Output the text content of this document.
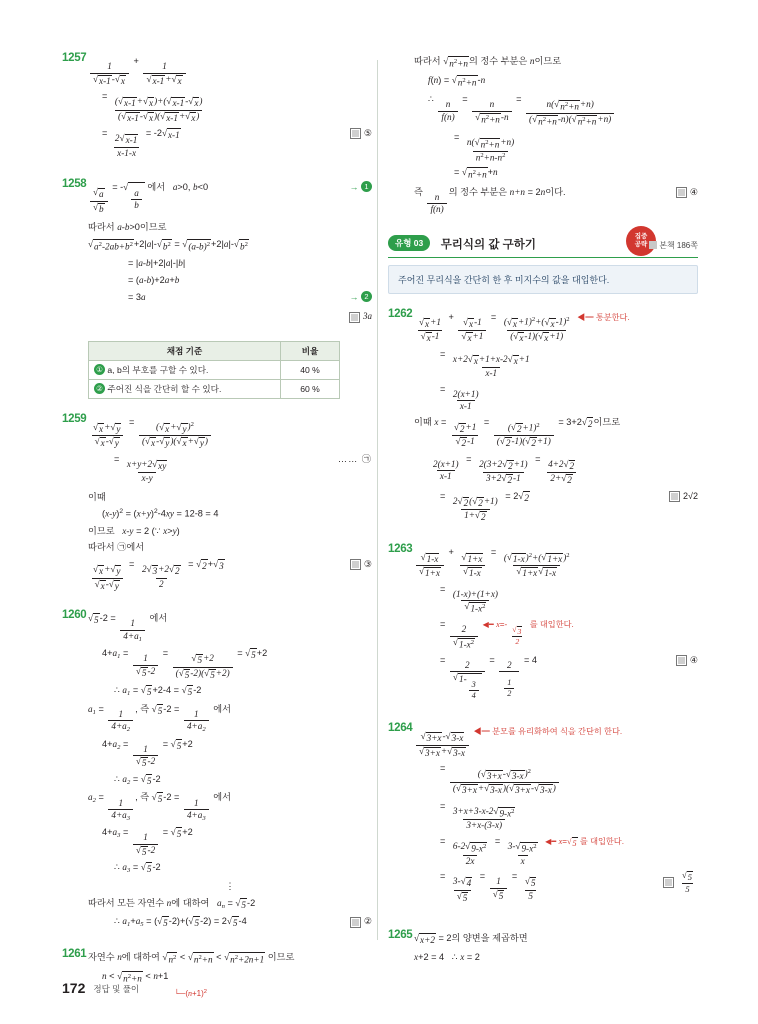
1257
$\frac{1}{√ x-1 - √ x}$
+
$\frac{1}{√ x-1 + √ x}$
=
$\frac{( √ x-1 + √ x )+( √ x-1 - √ x )}{( √ x-1 - √ x )( √ x-1 + √ x )}$
=
$\frac{2 √ x-1}{x-1-x}$
= -2 √ x-1	⑤
1258
$\frac{√ a}{√ b}$
= - √
$\frac{a}{b}$
에서 a>0, b<0	→ 1
따라서 a-b>0이므로
√ $a^2-2ab+b^2 +2|a|-$ √ $b^2$ = √ $(a-b)^2 +2|a|-$ √ $b^2$
= |a-b|+2|a|-|b|
= (a-b)+2a+b
= 3a	→ 2
3a
채점 기준	비율
① a, b의 부호를 구할 수 있다.	40 %
② 주어진 식을 간단히 할 수 있다.	60 %
1259
$\frac{√ x + √ y}{√ x - √ y}$
= $\frac{( √ x + √ y )^2}{( √ x - √ y )( √ x + √ y )}$
=
$\frac{x+y+2 √ xy}{x-y}$
…… ㉠
이때
$(x-y)^2 = (x+y)^2-4xy = 12-8 = 4$
이므로   x-y = 2 (∵ x>y)
따라서 ㉠에서
$\frac{√ x + √ y}{√ x - √ y}$
=
$\frac{2 √ 3 +2 √ 2}{2}$
= √ 2 + √ 3	③
1260 √ 5 -2 =
$\frac{1}{4+a_1}$
에서
$4+a_1$ =
$\frac{1}{√ 5 -2}$
=
$\frac{√ 5 +2}{( √ 5 -2)( √ 5 +2)}$
= √ 5 +2
∴ $a_1$ = √ 5 +2-4 = √ 5 -2
$a_1$ =
$\frac{1}{4+a_2}$
, 즉 √ 5 -2 =
$\frac{1}{4+a_2}$
에서
$4+a_2$ =
$\frac{1}{√ 5 -2}$
= √ 5 +2
∴ $a_2$ = √ 5 -2
$a_2$ =
$\frac{1}{4+a_3}$
, 즉 √ 5 -2 =
$\frac{1}{4+a_3}$
에서
$4+a_3$ =
$\frac{1}{√ 5 -2}$
= √ 5 +2
∴ $a_3$ = √ 5 -2
⋮
따라서 모든 자연수 n에 대하여   $a_n$ = √ 5 -2
∴ $a_1+a_5$ = ( √ 5 -2)+( √ 5 -2) = 2 √ 5 -4	②
1261 자연수 n에 대하여 √ $n^2$ < √ $n^2+n$ < √ $n^2+2n+1$ 이므로
n < √ $n^2+n < n+1$
$└─(n+1)^2$
따라서 √ $n^2+n$ 의 정수 부분은 n이므로
f(n) = √ $n^2+n$ -n
∴
$\frac{n}{f(n)}$
=
$\frac{n}{√ n^2+n -n}$
=
$\frac{n( √ n^2+n +n)}{( √ n^2+n -n)( √ n^2+n +n)}$
=
$\frac{n( √ n^2+n +n)}{n^2+n-n^2}$
= √ $n^2+n +n$
즉
$\frac{n}{f(n)}$
의 정수 부분은 n+n = 2n이다.	④
유형 03 무리식의 값 구하기
집중
공략	본책 186쪽
주어진 무리식을 간단히 한 후 미지수의 값을 대입한다.
1262
$\frac{√ x +1}{√ x -1}$
+
$\frac{√ x -1}{√ x +1}$
= $\frac{( √ x +1)^2+( √ x -1)^2}{( √ x -1)( √ x +1)}$ ◀━ 통분한다.
=
$\frac{x+2 √ x +1+x-2 √ x +1}{x-1}$
=
$\frac{2(x+1)}{x-1}$
이때 x =
$\frac{√ 2 +1}{√ 2 -1}$
= $\frac{( √ 2 +1)^2}{( √ 2 -1)( √ 2 +1)} = 3+2$ √ 2 이므로
$\frac{2(x+1)}{x-1}$
=
$\frac{2(3+2 √ 2 +1)}{3+2 √ 2 -1}$
=
$\frac{4+2 √ 2}{2+ √ 2}$
=
$\frac{2 √ 2 ( √ 2 +1)}{1+ √ 2}$
= 2 √ 2	2√2
1263
$\frac{√ 1-x}{√ 1+x}$
+
$\frac{√ 1+x}{√ 1-x}$
= $\frac{( √ 1-x )^2+( √ 1+x )^2}{√ 1+x √ 1-x}$
=
$\frac{(1-x)+(1+x)}{√ 1-x^2}$
=
$\frac{2}{√ 1-x^2}$ ◀━ $x=- \frac{√ 3}{2}$ 를 대입한다.
=
2
√ 1-
$\frac{3}{4}$
=
$\frac{2}{\frac{1}{2}}$
= 4	④
1264
$\frac{√ 3+x - √ 3-x}{√ 3+x + √ 3-x}$ ◀━ 분모를 유리화하여 식을 간단히 한다.
= $\frac{( √ 3+x - √ 3-x )^2}{( √ 3+x + √ 3-x )( √ 3+x - √ 3-x )}$
=
$\frac{3+x+3-x-2 √ 9-x^2}{3+x-(3-x)}$
=
$\frac{6-2 √ 9-x^2}{2x}$
=
$\frac{3- √ 9-x^2}{x}$ ◀━ x= √ 5 를 대입한다.
=
$\frac{3- √ 4}{√ 5}$
=
$\frac{1}{√ 5}$
=
$\frac{√ 5}{5}$	$\frac{√ 5}{5}$
1265 √ x+2 = 2의 양변을 제곱하면
x+2 = 4   ∴ x = 2
172 정답 및 풀이
